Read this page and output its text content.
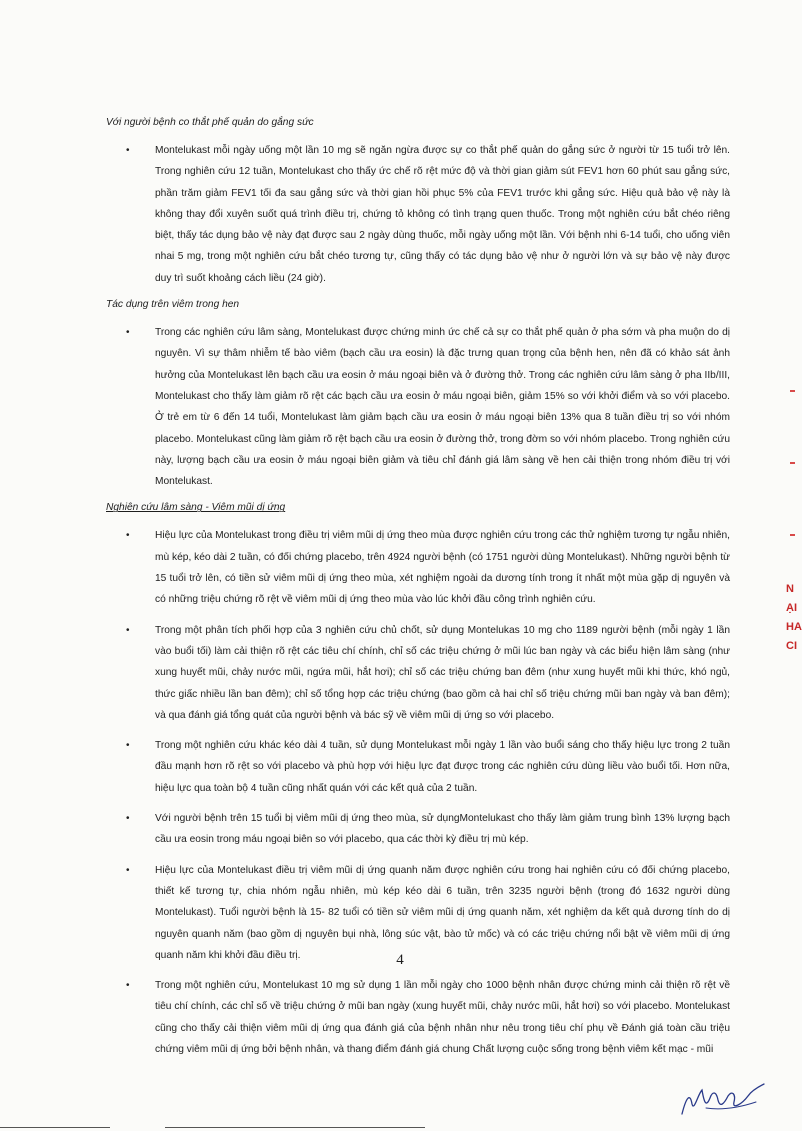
Với người bệnh co thắt phế quản do gắng sức

• Montelukast mỗi ngày uống một lần 10 mg sẽ ngăn ngừa được sự co thắt phế quản do gắng sức ở người từ 15 tuổi trở lên. Trong nghiên cứu 12 tuần, Montelukast cho thấy ức chế rõ rệt mức độ và thời gian giảm sút FEV1 hơn 60 phút sau gắng sức, phần trăm giảm FEV1 tối đa sau gắng sức và thời gian hồi phục 5% của FEV1 trước khi gắng sức. Hiệu quả bảo vệ này là không thay đổi xuyên suốt quá trình điều trị, chứng tỏ không có tình trạng quen thuốc. Trong một nghiên cứu bắt chéo riêng biệt, thấy tác dụng bảo vệ này đạt được sau 2 ngày dùng thuốc, mỗi ngày uống một lần. Với bệnh nhi 6-14 tuổi, cho uống viên nhai 5 mg, trong một nghiên cứu bắt chéo tương tự, cũng thấy có tác dụng bảo vệ như ở người lớn và sự bảo vệ này được duy trì suốt khoảng cách liều (24 giờ).

Tác dụng trên viêm trong hen

• Trong các nghiên cứu lâm sàng, Montelukast được chứng minh ức chế cả sự co thắt phế quản ở pha sớm và pha muộn do dị nguyên. Vì sự thâm nhiễm tế bào viêm (bạch cầu ưa eosin) là đặc trưng quan trọng của bệnh hen, nên đã có khảo sát ảnh hưởng của Montelukast lên bạch cầu ưa eosin ở máu ngoại biên và ở đường thở. Trong các nghiên cứu lâm sàng ở pha IIb/III, Montelukast cho thấy làm giảm rõ rệt các bạch cầu ưa eosin ở máu ngoại biên, giảm 15% so với khởi điểm và so với placebo. Ở trẻ em từ 6 đến 14 tuổi, Montelukast làm giảm bạch cầu ưa eosin ở máu ngoại biên 13% qua 8 tuần điều trị so với nhóm placebo. Montelukast cũng làm giảm rõ rệt bạch cầu ưa eosin ở đường thở, trong đờm so với nhóm placebo. Trong nghiên cứu này, lượng bạch cầu ưa eosin ở máu ngoại biên giảm và tiêu chỉ đánh giá lâm sàng về hen cải thiện trong nhóm điều trị với Montelukast.

Nghiên cứu lâm sàng - Viêm mũi dị ứng

• Hiệu lực của Montelukast trong điều trị viêm mũi dị ứng theo mùa được nghiên cứu trong các thử nghiệm tương tự ngẫu nhiên, mù kép, kéo dài 2 tuần, có đối chứng placebo, trên 4924 người bệnh (có 1751 người dùng Montelukast). Những người bệnh từ 15 tuổi trở lên, có tiền sử viêm mũi dị ứng theo mùa, xét nghiệm ngoài da dương tính trong ít nhất một mùa gặp dị nguyên và có những triệu chứng rõ rệt về viêm mũi dị ứng theo mùa vào lúc khởi đầu công trình nghiên cứu.
• Trong một phân tích phối hợp của 3 nghiên cứu chủ chốt, sử dụng Montelukas 10 mg cho 1189 người bệnh (mỗi ngày 1 lần vào buổi tối) làm cải thiện rõ rệt các tiêu chí chính, chỉ số các triệu chứng ở mũi lúc ban ngày và các biểu hiện lâm sàng (như xung huyết mũi, chảy nước mũi, ngứa mũi, hắt hơi); chỉ số các triệu chứng ban đêm (như xung huyết mũi khi thức, khó ngủ, thức giấc nhiều lần ban đêm); chỉ số tổng hợp các triệu chứng (bao gồm cả hai chỉ số triệu chứng mũi ban ngày và ban đêm); và qua đánh giá tổng quát của người bệnh và bác sỹ về viêm mũi dị ứng so với placebo.
• Trong một nghiên cứu khác kéo dài 4 tuần, sử dụng Montelukast mỗi ngày 1 lần vào buổi sáng cho thấy hiệu lực trong 2 tuần đầu mạnh hơn rõ rệt so với placebo và phù hợp với hiệu lực đạt được trong các nghiên cứu dùng liều vào buổi tối. Hơn nữa, hiệu lực qua toàn bộ 4 tuần cũng nhất quán với các kết quả của 2 tuần.
• Với người bệnh trên 15 tuổi bị viêm mũi dị ứng theo mùa, sử dụngMontelukast cho thấy làm giảm trung bình 13% lượng bạch cầu ưa eosin trong máu ngoại biên so với placebo, qua các thời kỳ điều trị mù kép.
• Hiệu lực của Montelukast điều trị viêm mũi dị ứng quanh năm được nghiên cứu trong hai nghiên cứu có đối chứng placebo, thiết kế tương tự, chia nhóm ngẫu nhiên, mù kép kéo dài 6 tuần, trên 3235 người bệnh (trong đó 1632 người dùng Montelukast). Tuổi người bệnh là 15- 82 tuổi có tiền sử viêm mũi dị ứng quanh năm, xét nghiệm da kết quả dương tính do dị nguyên quanh năm (bao gồm dị nguyên bụi nhà, lông súc vật, bào tử mốc) và có các triệu chứng nổi bật về viêm mũi dị ứng quanh năm khi khởi đầu điều trị.
• Trong một nghiên cứu, Montelukast 10 mg sử dụng 1 lần mỗi ngày cho 1000 bệnh nhân được chứng minh cải thiện rõ rệt về tiêu chí chính, các chỉ số về triệu chứng ở mũi ban ngày (xung huyết mũi, chảy nước mũi, hắt hơi) so với placebo. Montelukast cũng cho thấy cải thiện viêm mũi dị ứng qua đánh giá của bệnh nhân như nêu trong tiêu chí phụ về Đánh giá toàn cầu triệu chứng viêm mũi dị ứng bởi bệnh nhân, và thang điểm đánh giá chung Chất lượng cuộc sống trong bệnh viêm kết mạc - mũi
4
N
ẠI
HA
CI
